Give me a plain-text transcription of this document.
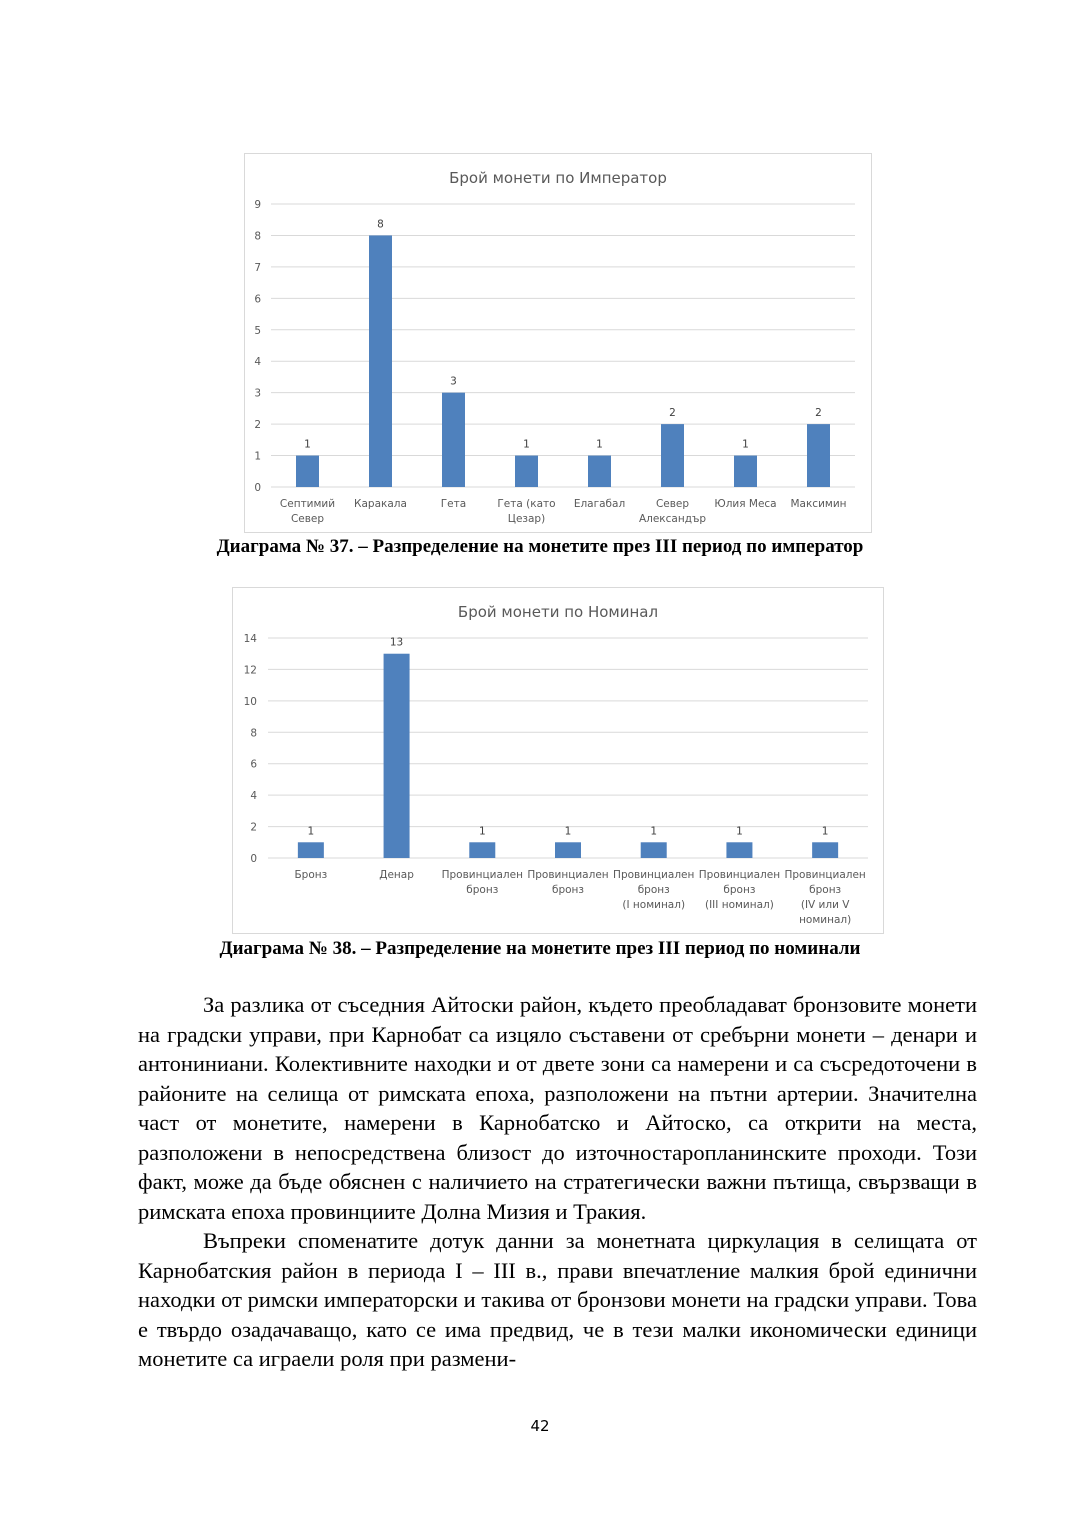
Брой монети по Император
0
1
2
3
4
5
6
7
8
9
1
Септимий Север
8
Каракала
3
Гета
1
Гета (като Цезар)
1
Елагабал
2
Север Александър
1
Юлия Меса
2
Максимин
Диаграма № 37. – Разпределение на монетите през III период по император
Брой монети по Номинал
0
2
4
6
8
10
12
14
1
Бронз
13
Денар
1
Провинциален бронз
1
Провинциален бронз
1
Провинциален бронз (I номинал)
1
Провинциален бронз (III номинал)
1
Провинциален бронз (IV или V номинал)
Диаграма № 38. – Разпределение на монетите през III период по номинали

За разлика от съседния Айтоски район, където преобладават бронзовите монети на градски управи, при Карнобат са изцяло съставени от сребърни монети – денари и антониниани. Колективните находки и от двете зони са намерени и са съсредоточени в районите на селища от римската епоха, разположени на пътни артерии. Значителна част от монетите, намерени в Карнобатско и Айтоско, са открити на места, разположени в непосредствена близост до източностаропланинските проходи. Този факт, може да бъде обяснен с наличието на стратегически важни пътища, свързващи в римската епоха провинциите Долна Мизия и Тракия.

Въпреки споменатите дотук данни за монетната циркулация в селищата от Карнобатския район в периода I – III в., прави впечатление малкия брой единични находки от римски императорски и такива от бронзови монети на градски управи. Това е твърдо озадачаващо, като се има предвид, че в тези малки икономически единици монетите са играели роля при размени-

42
